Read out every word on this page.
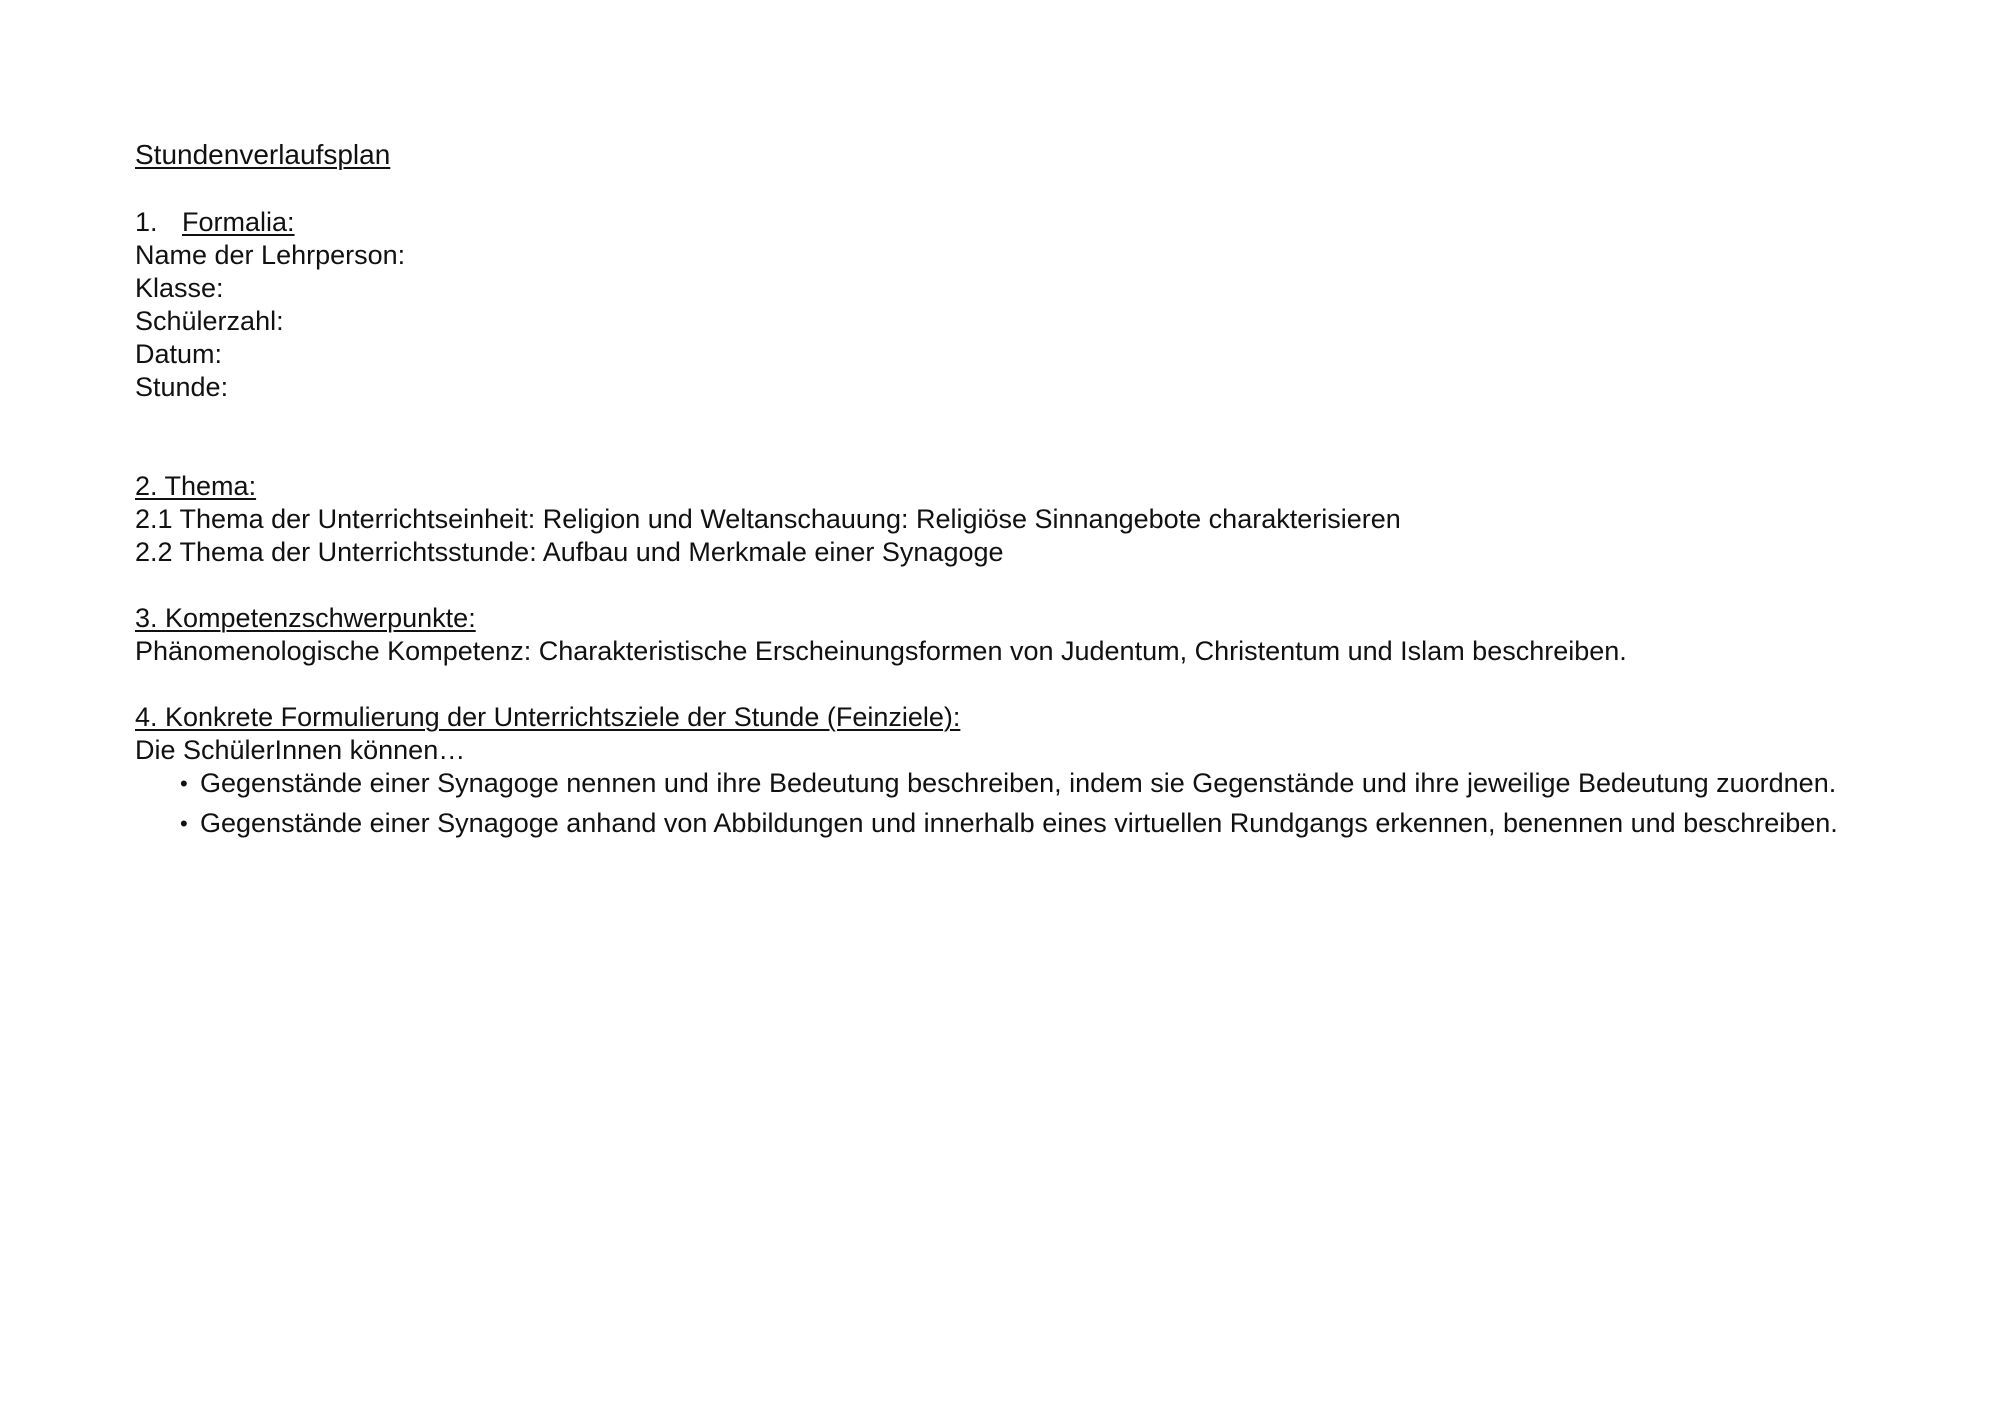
Stundenverlaufsplan
1. Formalia:
Name der Lehrperson:
Klasse:
Schülerzahl:
Datum:
Stunde:
2. Thema:
2.1 Thema der Unterrichtseinheit: Religion und Weltanschauung: Religiöse Sinnangebote charakterisieren
2.2 Thema der Unterrichtsstunde: Aufbau und Merkmale einer Synagoge
3. Kompetenzschwerpunkte:
Phänomenologische Kompetenz: Charakteristische Erscheinungsformen von Judentum, Christentum und Islam beschreiben.
4. Konkrete Formulierung der Unterrichtsziele der Stunde (Feinziele):
Die SchülerInnen können…
• Gegenstände einer Synagoge nennen und ihre Bedeutung beschreiben, indem sie Gegenstände und ihre jeweilige Bedeutung zuordnen.
• Gegenstände einer Synagoge anhand von Abbildungen und innerhalb eines virtuellen Rundgangs erkennen, benennen und beschreiben.
